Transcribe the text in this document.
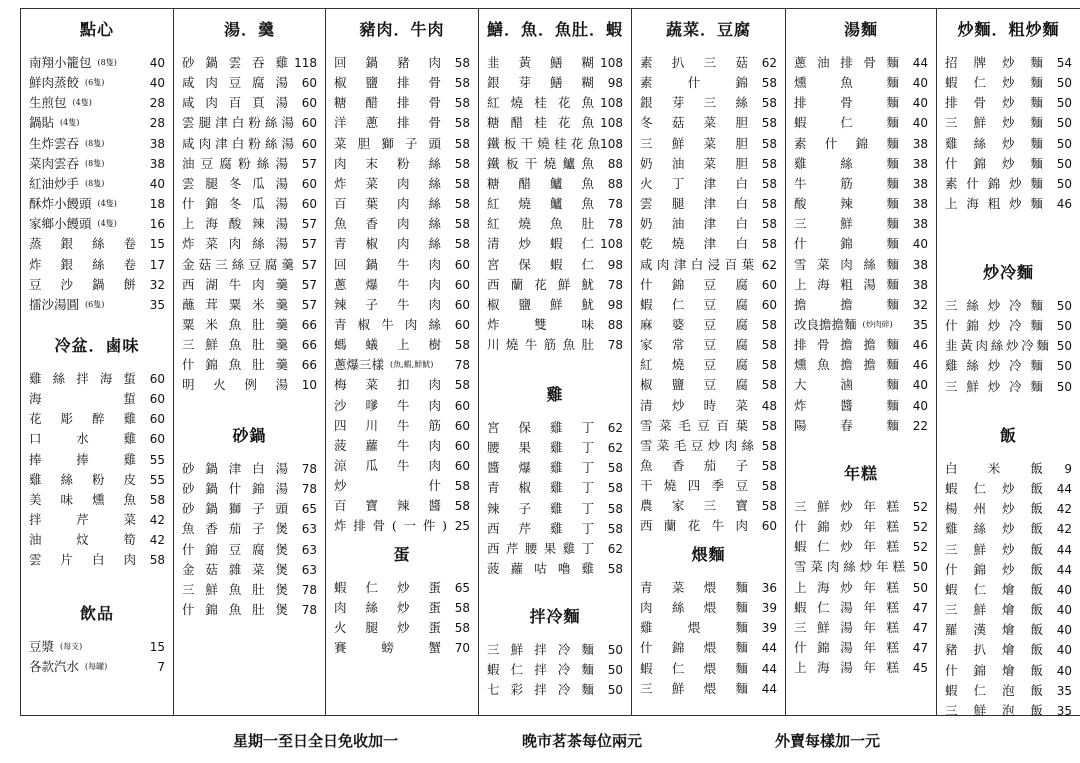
點心
南翔小籠包 (8隻)	40
鮮肉蒸餃 (6隻)	40
生煎包 (4隻)	28
鍋貼 (4隻)	28
生炸雲吞 (8隻)	38
菜肉雲吞 (8隻)	38
紅油炒手 (8隻)	40
酥炸小饅頭 (4隻)	18
家鄉小饅頭 (4隻)	16
蒸銀絲卷 15
炸銀絲卷 17
豆沙鍋餅 32
擂沙湯圓 (6隻)	35
冷盆．鹵味
雞絲拌海蜇 60
海蜇 60
花彫醉雞 60
口水雞 60
捧捧雞 55
雞絲粉皮 55
美味燻魚 58
拌芹菜 42
油炆筍 42
雲片白肉 58
飲品
豆漿 (每支)	15
各款汽水 (每罐)	7
湯．羹
砂鍋雲吞雞 118
咸肉豆腐湯 60
咸肉百頁湯 60
雲腿津白粉絲湯 60
咸肉津白粉絲湯 60
油豆腐粉絲湯 57
雲腿冬瓜湯 60
什錦冬瓜湯 60
上海酸辣湯 57
炸菜肉絲湯 57
金菇三絲豆腐羹 57
西湖牛肉羹 57
蘸茸粟米羹 57
粟米魚肚羹 66
三鮮魚肚羹 66
什錦魚肚羹 66
明火例湯 10
砂鍋
砂鍋津白湯 78
砂鍋什錦湯 78
砂鍋獅子頭 65
魚香茄子煲 63
什錦豆腐煲 63
金菇雜菜煲 63
三鮮魚肚煲 78
什錦魚肚煲 78
豬肉．牛肉
回鍋豬肉 58
椒鹽排骨 58
糖醋排骨 58
洋蔥排骨 58
菜胆獅子頭 58
肉末粉絲 58
炸菜肉絲 58
百葉肉絲 58
魚香肉絲 58
青椒肉絲 58
回鍋牛肉 60
蔥爆牛肉 60
辣子牛肉 60
青椒牛肉絲 60
螞蟻上樹 58
蔥爆三樣 (魚,蝦,鮮魷) 78
梅菜扣肉 58
沙嗲牛肉 60
四川牛筋 60
菠蘿牛肉 60
涼瓜牛肉 60
炒什 58
百寶辣醬 58
炸排骨(一件) 25
蛋
蝦仁炒蛋 65
肉絲炒蛋 58
火腿炒蛋 58
賽螃蟹 70
鱔．魚．魚肚．蝦
韭黃鱔糊 108
銀芽鱔糊 98
紅燒桂花魚 108
糖醋桂花魚 108
鐵板干燒桂花魚 108
鐵板干燒鱸魚 88
糖醋鱸魚 88
紅燒鱸魚 78
紅燒魚肚 78
清炒蝦仁 108
宮保蝦仁 98
西蘭花鮮魷 78
椒鹽鮮魷 98
炸雙味 88
川燒牛筋魚肚 78
雞
宮保雞丁 62
腰果雞丁 62
醬爆雞丁 58
青椒雞丁 58
辣子雞丁 58
西芹雞丁 58
西芹腰果雞丁 62
菠蘿咕嚕雞 58
拌冷麵
三鮮拌冷麵 50
蝦仁拌冷麵 50
七彩拌冷麵 50
蔬菜．豆腐
素扒三菇 62
素什錦 58
銀芽三絲 58
冬菇菜胆 58
三鮮菜胆 58
奶油菜胆 58
火丁津白 58
雲腿津白 58
奶油津白 58
乾燒津白 58
咸肉津白浸百葉 62
什錦豆腐 60
蝦仁豆腐 60
麻婆豆腐 58
家常豆腐 58
紅燒豆腐 58
椒鹽豆腐 58
清炒時菜 48
雪菜毛豆百葉 58
雪菜毛豆炒肉絲 58
魚香茄子 58
干燒四季豆 58
農家三寶 58
西蘭花牛肉 60
煨麵
青菜煨麵 36
肉絲煨麵 39
雞煨麵 39
什錦煨麵 44
蝦仁煨麵 44
三鮮煨麵 44
湯麵
蔥油排骨麵 44
燻魚麵 40
排骨麵 40
蝦仁麵 40
素什錦麵 38
雞絲麵 38
牛筋麵 38
酸辣麵 38
三鮮麵 38
什錦麵 40
雪菜肉絲麵 38
上海粗湯麵 38
擔擔麵 32
改良擔擔麵 (炒肉碎) 35
排骨擔擔麵 46
燻魚擔擔麵 46
大滷麵 40
炸醬麵 40
陽春麵 22
年糕
三鮮炒年糕 52
什錦炒年糕 52
蝦仁炒年糕 52
雪菜肉絲炒年糕 50
上海炒年糕 50
蝦仁湯年糕 47
三鮮湯年糕 47
什錦湯年糕 47
上海湯年糕 45
炒麵．粗炒麵
招牌炒麵 54
蝦仁炒麵 50
排骨炒麵 50
三鮮炒麵 50
雞絲炒麵 50
什錦炒麵 50
素什錦炒麵 50
上海粗炒麵 46
炒冷麵
三絲炒冷麵 50
什錦炒冷麵 50
韭黃肉絲炒冷麵 50
雞絲炒冷麵 50
三鮮炒冷麵 50
飯
白米飯 9
蝦仁炒飯 44
楊州炒飯 42
雞絲炒飯 42
三鮮炒飯 44
什錦炒飯 44
蝦仁燴飯 40
三鮮燴飯 40
羅漢燴飯 40
豬扒燴飯 40
什錦燴飯 40
蝦仁泡飯 35
三鮮泡飯 35
星期一至日全日免收加一	晚市茗茶每位兩元	外賣每樣加一元
